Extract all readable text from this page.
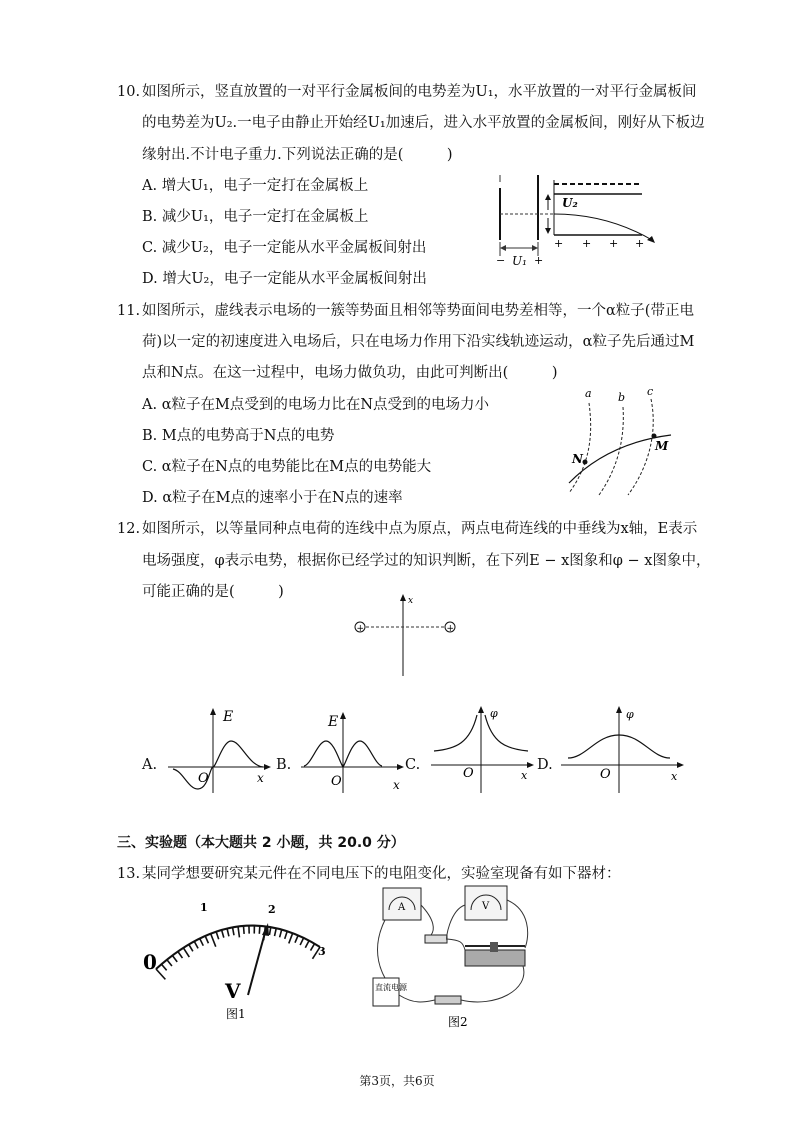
10. 如图所示，竖直放置的一对平行金属板间的电势差为U₁，水平放置的一对平行金属板间
的电势差为U₂.一电子由静止开始经U₁加速后，进入水平放置的金属板间，刚好从下板边
缘射出.不计电子重力.下列说法正确的是(　　　)
A. 增大U₁，电子一定打在金属板上
B. 减少U₁，电子一定打在金属板上
C. 减少U₂，电子一定能从水平金属板间射出
D. 增大U₂，电子一定能从水平金属板间射出
U₂
+ + + +
− U₁ +
11. 如图所示，虚线表示电场的一簇等势面且相邻等势面间电势差相等，一个α粒子(带正电
荷)以一定的初速度进入电场后，只在电场力作用下沿实线轨迹运动，α粒子先后通过M
点和N点。在这一过程中，电场力做负功，由此可判断出(　　　)
A. α粒子在M点受到的电场力比在N点受到的电场力小
B. M点的电势高于N点的电势
C. α粒子在N点的电势能比在M点的电势能大
D. α粒子在M点的速率小于在N点的速率
a b c
N
M
12. 如图所示，以等量同种点电荷的连线中点为原点，两点电荷连线的中垂线为x轴，E表示
电场强度，φ表示电势，根据你已经学过的知识判断，在下列E − x图象和φ − x图象中，
可能正确的是(　　　)
x
+	+
A.
E
x
O
B.
E
x
O
C.
φ
x
O
D.
φ
x
O
三、实验题（本大题共 2 小题，共 20.0 分）
13. 某同学想要研究某元件在不同电压下的电阻变化，实验室现备有如下器材：
0
1	2
3
V
图1
A	V
直流电源
图2
第3页，共6页
